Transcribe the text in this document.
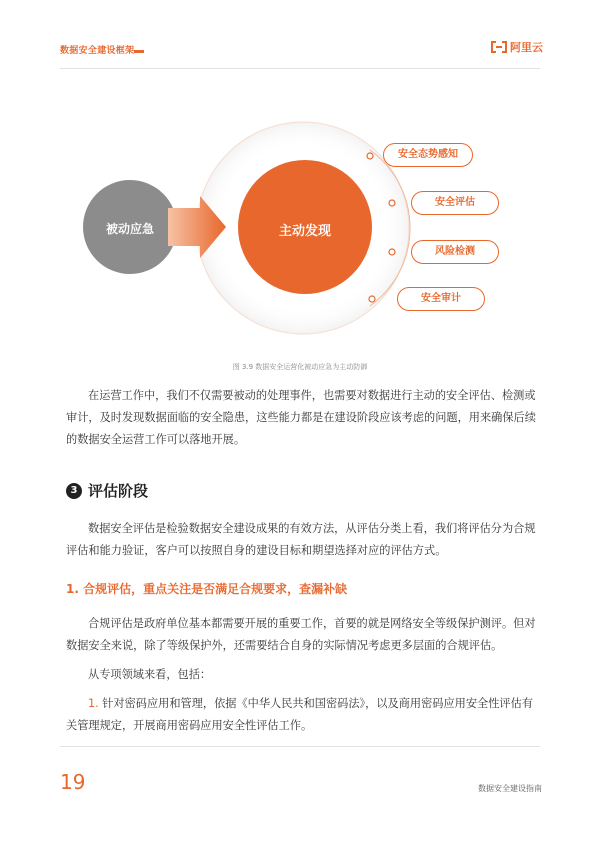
数据安全建设框架	阿里云
被动应急	主动发现
安全态势感知
安全评估
风险检测
安全审计
图 3.9 数据安全运营化被动应急为主动防御

在运营工作中，我们不仅需要被动的处理事件，也需要对数据进行主动的安全评估、检测或审计，及时发现数据面临的安全隐患，这些能力都是在建设阶段应该考虑的问题，用来确保后续的数据安全运营工作可以落地开展。

3 评估阶段

数据安全评估是检验数据安全建设成果的有效方法，从评估分类上看，我们将评估分为合规评估和能力验证，客户可以按照自身的建设目标和期望选择对应的评估方式。

1. 合规评估，重点关注是否满足合规要求，查漏补缺

合规评估是政府单位基本都需要开展的重要工作，首要的就是网络安全等级保护测评。但对数据安全来说，除了等级保护外，还需要结合自身的实际情况考虑更多层面的合规评估。

从专项领域来看，包括：

1. 针对密码应用和管理，依据《中华人民共和国密码法》，以及商用密码应用安全性评估有关管理规定，开展商用密码应用安全性评估工作。

19	数据安全建设指南
